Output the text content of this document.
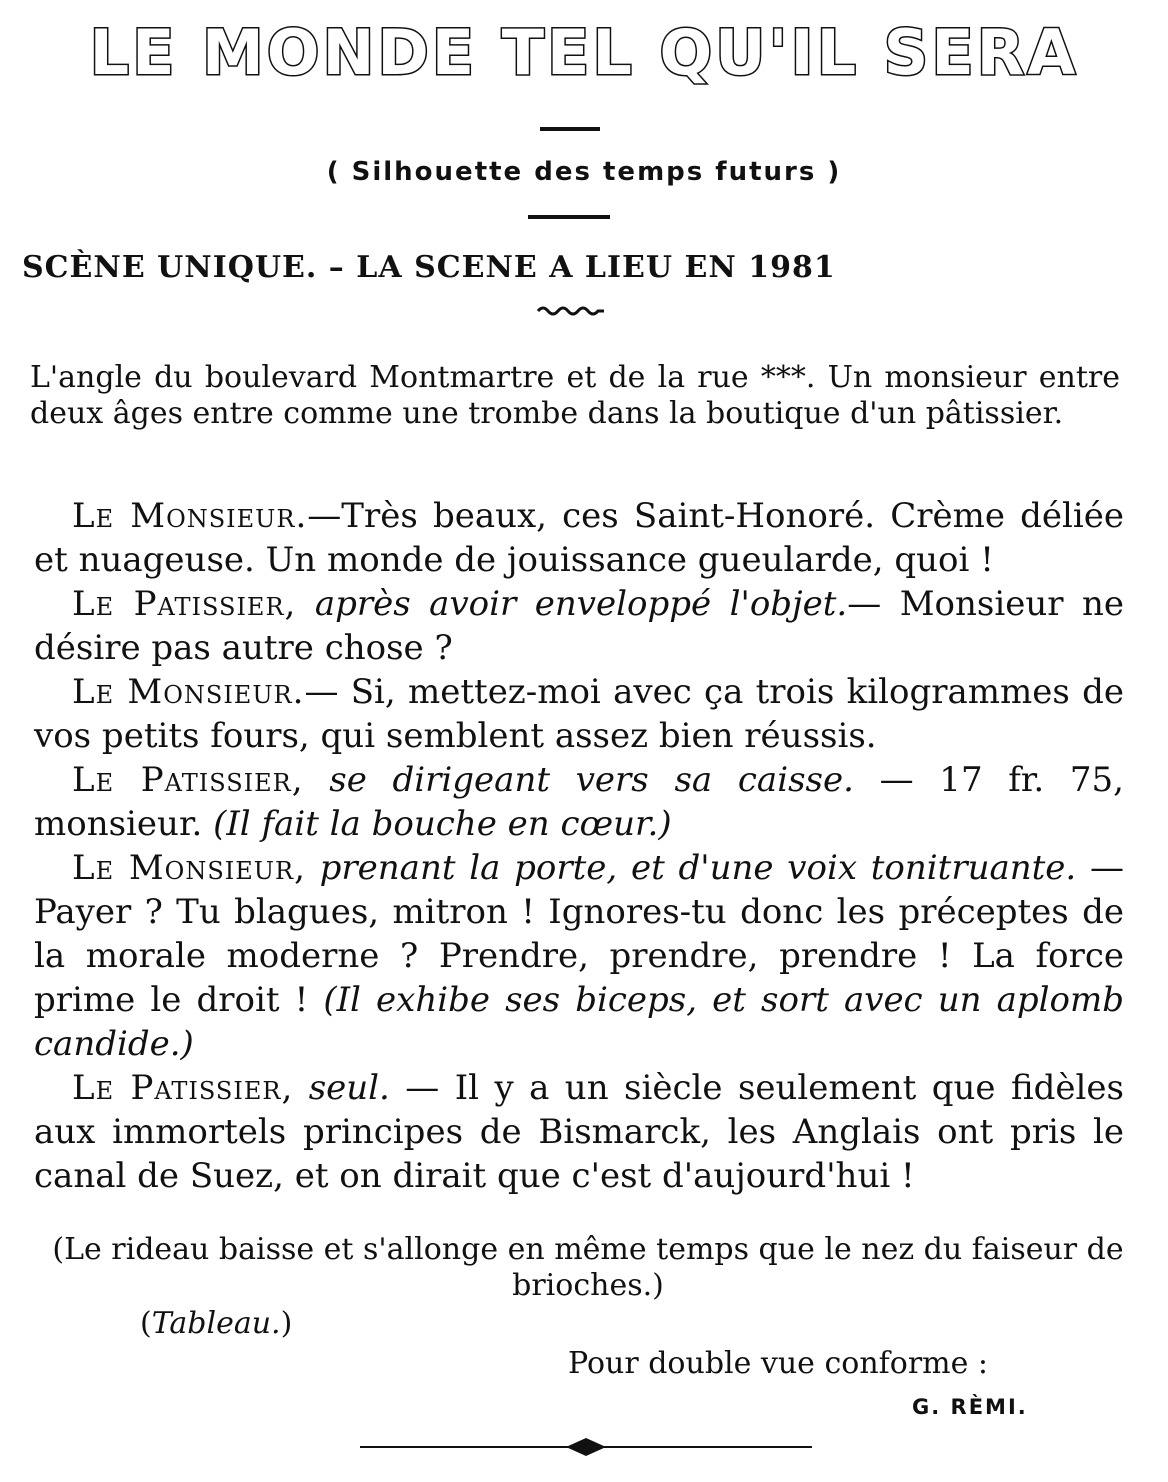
LE MONDE TEL QU'IL SERA
( Silhouette des temps futurs )
SCÈNE UNIQUE. – LA SCENE A LIEU EN 1981
L'angle du boulevard Montmartre et de la rue ***. Un monsieur entre deux âges entre comme une trombe dans la boutique d'un pâtissier.

Le Monsieur.—Très beaux, ces Saint-Honoré. Crème déliée et nuageuse. Un monde de jouissance gueularde, quoi !

Le Patissier, après avoir enveloppé l'objet.— Monsieur ne désire pas autre chose ?

Le Monsieur.— Si, mettez-moi avec ça trois kilogrammes de vos petits fours, qui semblent assez bien réussis.

Le Patissier, se dirigeant vers sa caisse. — 17 fr. 75, monsieur. (Il fait la bouche en cœur.)

Le Monsieur, prenant la porte, et d'une voix tonitruante. — Payer ? Tu blagues, mitron ! Ignores-tu donc les préceptes de la morale moderne ? Prendre, prendre, prendre ! La force prime le droit ! (Il exhibe ses biceps, et sort avec un aplomb candide.)

Le Patissier, seul. — Il y a un siècle seulement que fidèles aux immortels principes de Bismarck, les Anglais ont pris le canal de Suez, et on dirait que c'est d'aujourd'hui !

(Le rideau baisse et s'allonge en même temps que le nez du faiseur de brioches.)
(Tableau.)
Pour double vue conforme :
G. RÈMI.
